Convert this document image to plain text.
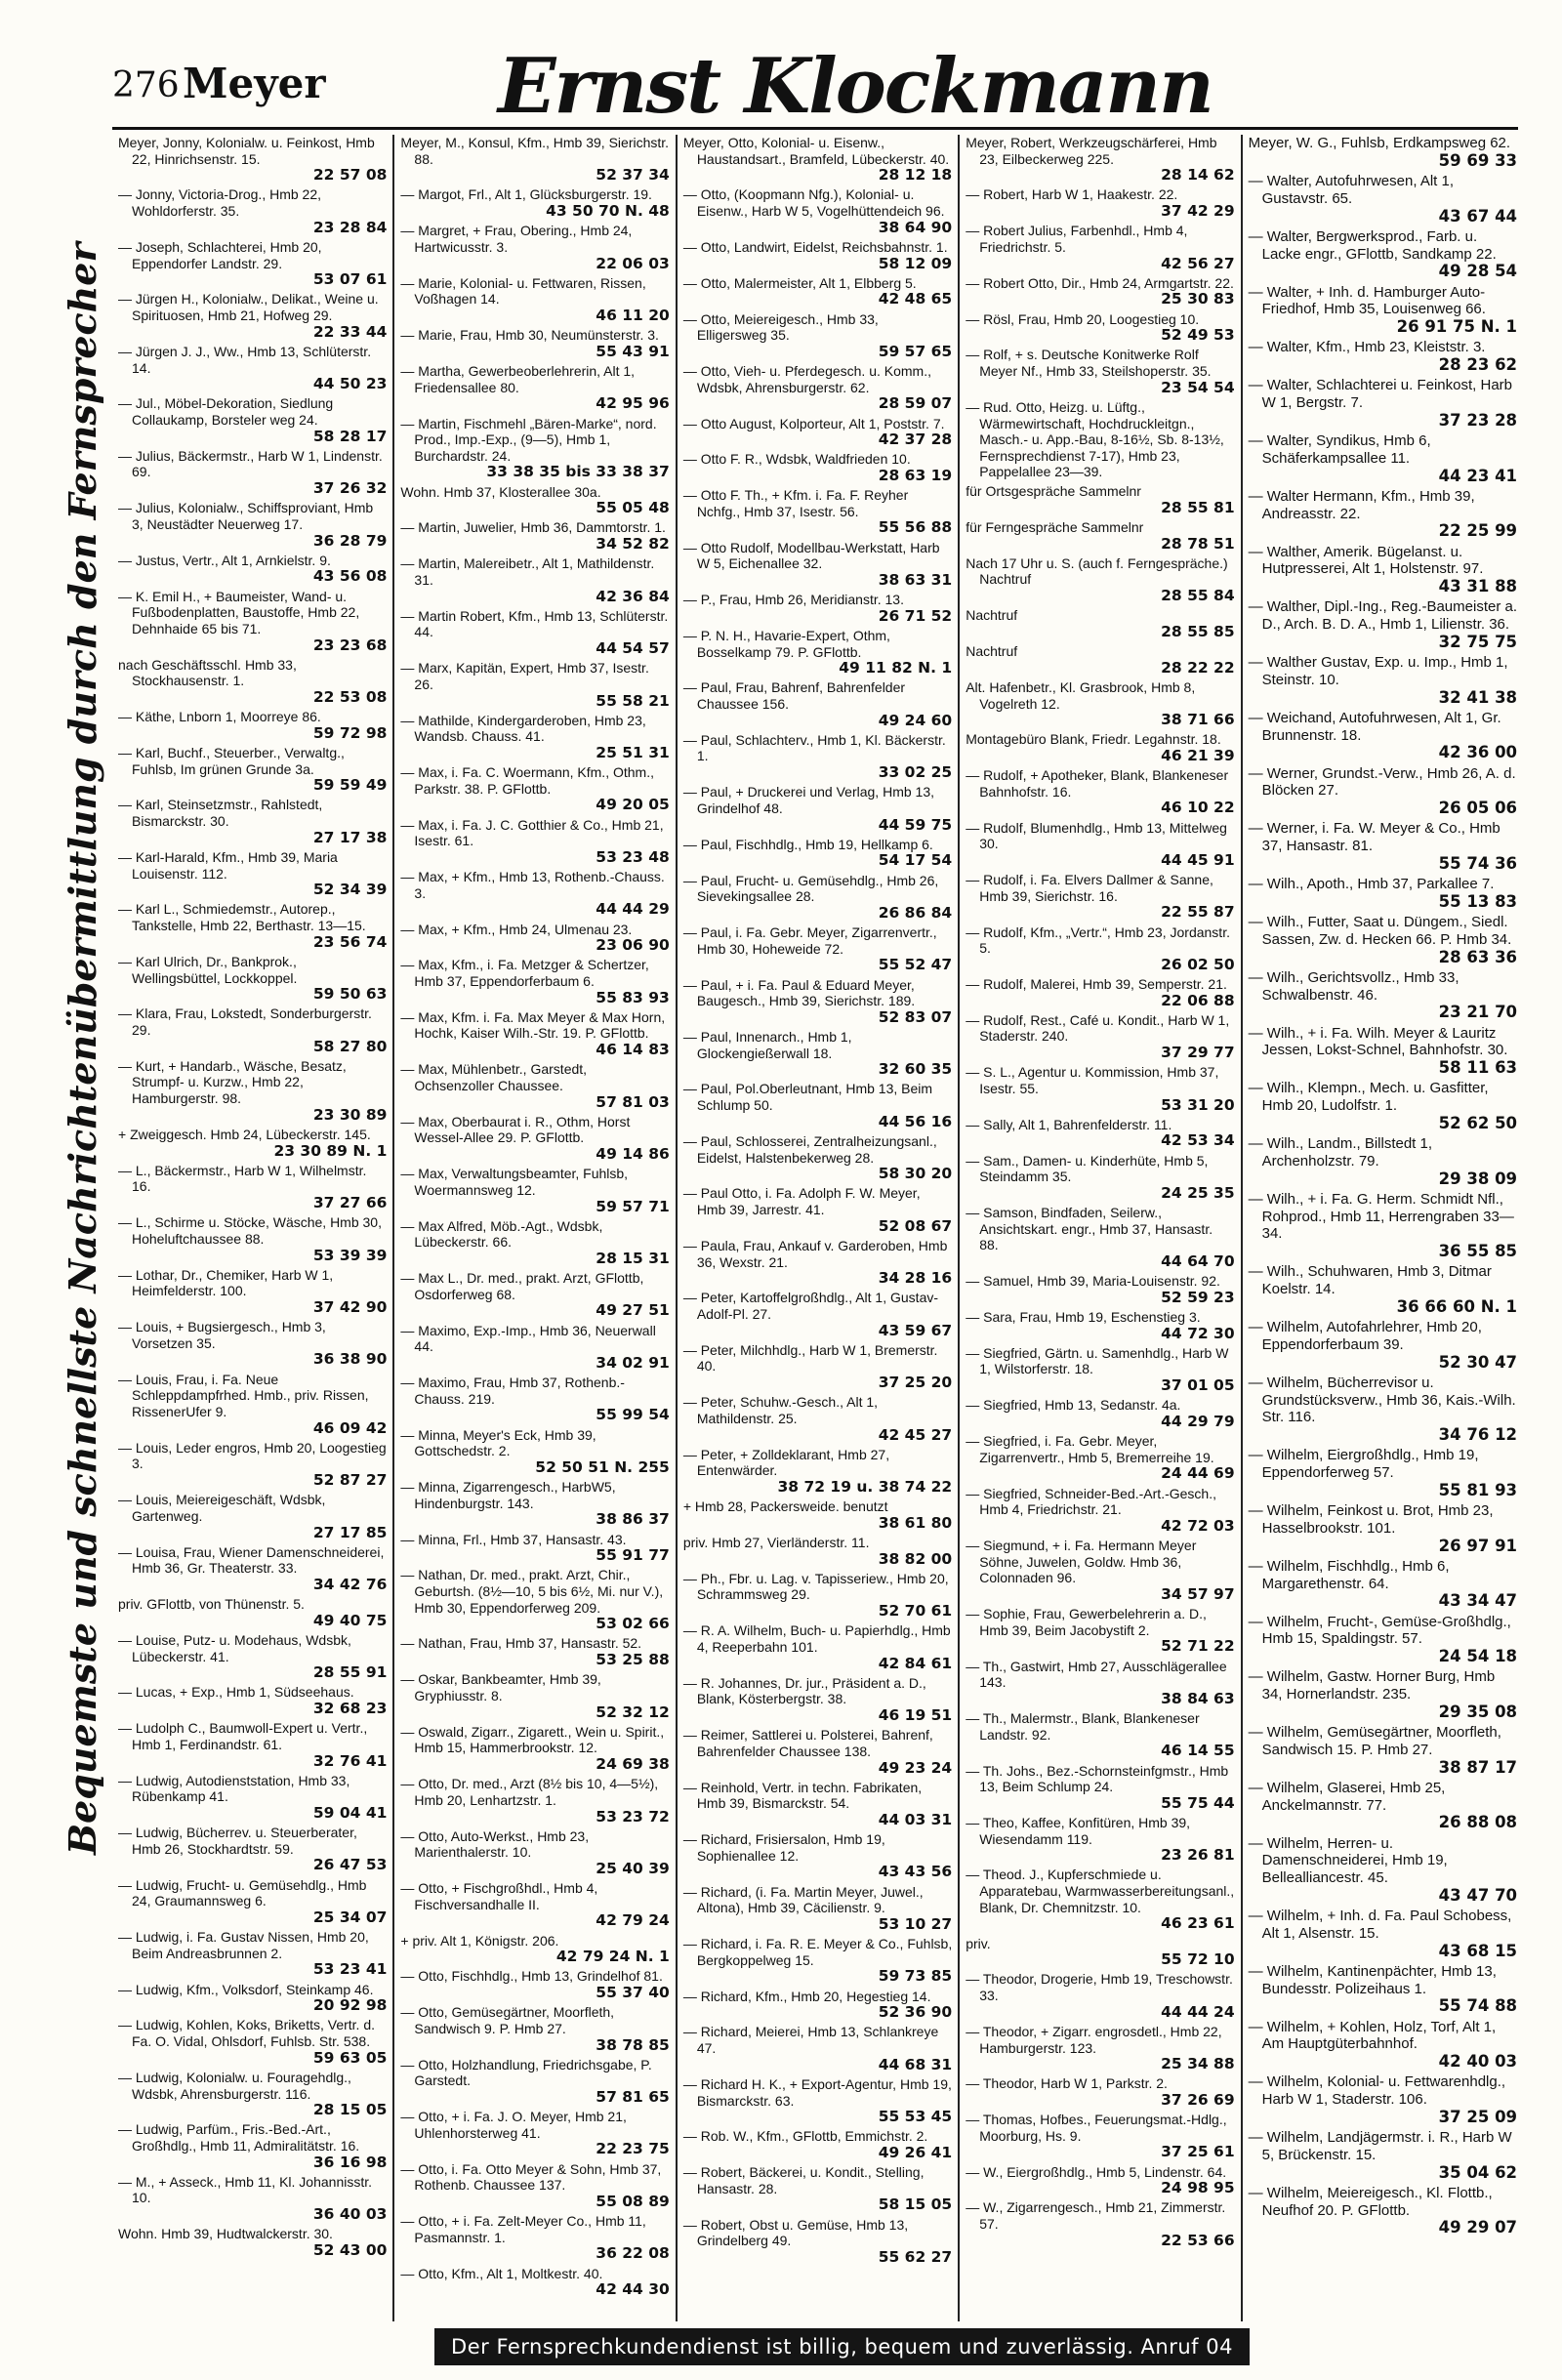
276 Meyer Ernst Klockmann
Bequemste und schnellste Nachrichtenübermittlung durch den Fernsprecher
Meyer, Jonny, Kolonialw. u. Feinkost, Hmb 22, Hinrichsenstr. 15.
22 57 08
— Jonny, Victoria-Drog., Hmb 22, Wohldorferstr. 35.
23 28 84
— Joseph, Schlachterei, Hmb 20, Eppendorfer Landstr. 29.
53 07 61
— Jürgen H., Kolonialw., Delikat., Weine u. Spirituosen, Hmb 21, Hofweg 29.
22 33 44
— Jürgen J. J., Ww., Hmb 13, Schlüterstr. 14.
44 50 23
— Jul., Möbel-Dekoration, Siedlung Collaukamp, Borsteler weg 24.
58 28 17
— Julius, Bäckermstr., Harb W 1, Lindenstr. 69.
37 26 32
— Julius, Kolonialw., Schiffsproviant, Hmb 3, Neustädter Neuerweg 17.
36 28 79
— Justus, Vertr., Alt 1, Arnkielstr. 9.
43 56 08
— K. Emil H., + Baumeister, Wand- u. Fußbodenplatten, Baustoffe, Hmb 22, Dehnhaide 65 bis 71.
23 23 68
nach Geschäftsschl. Hmb 33, Stockhausenstr. 1.
22 53 08
— Käthe, Lnborn 1, Moorreye 86.
59 72 98
— Karl, Buchf., Steuerber., Verwaltg., Fuhlsb, Im grünen Grunde 3a.
59 59 49
— Karl, Steinsetzmstr., Rahlstedt, Bismarckstr. 30.
27 17 38
— Karl-Harald, Kfm., Hmb 39, Maria Louisenstr. 112.
52 34 39
— Karl L., Schmiedemstr., Autorep., Tankstelle, Hmb 22, Berthastr. 13—15.
23 56 74
— Karl Ulrich, Dr., Bankprok., Wellingsbüttel, Lockkoppel.
59 50 63
— Klara, Frau, Lokstedt, Sonderburgerstr. 29.
58 27 80
— Kurt, + Handarb., Wäsche, Besatz, Strumpf- u. Kurzw., Hmb 22, Hamburgerstr. 98.
23 30 89
+ Zweiggesch. Hmb 24, Lübeckerstr. 145.
23 30 89 N. 1
— L., Bäckermstr., Harb W 1, Wilhelmstr. 16.
37 27 66
— L., Schirme u. Stöcke, Wäsche, Hmb 30, Hoheluftchaussee 88.
53 39 39
— Lothar, Dr., Chemiker, Harb W 1, Heimfelderstr. 100.
37 42 90
— Louis, + Bugsiergesch., Hmb 3, Vorsetzen 35.
36 38 90
— Louis, Frau, i. Fa. Neue Schleppdampfrhed. Hmb., priv. Rissen, RissenerUfer 9.
46 09 42
— Louis, Leder engros, Hmb 20, Loogestieg 3.
52 87 27
— Louis, Meiereigeschäft, Wdsbk, Gartenweg.
27 17 85
— Louisa, Frau, Wiener Damenschneiderei, Hmb 36, Gr. Theaterstr. 33.
34 42 76
priv. GFlottb, von Thünenstr. 5.
49 40 75
— Louise, Putz- u. Modehaus, Wdsbk, Lübeckerstr. 41.
28 55 91
— Lucas, + Exp., Hmb 1, Südseehaus.
32 68 23
— Ludolph C., Baumwoll-Expert u. Vertr., Hmb 1, Ferdinandstr. 61.
32 76 41
— Ludwig, Autodienststation, Hmb 33, Rübenkamp 41.
59 04 41
— Ludwig, Bücherrev. u. Steuerberater, Hmb 26, Stockhardtstr. 59.
26 47 53
— Ludwig, Frucht- u. Gemüsehdlg., Hmb 24, Graumannsweg 6.
25 34 07
— Ludwig, i. Fa. Gustav Nissen, Hmb 20, Beim Andreasbrunnen 2.
53 23 41
— Ludwig, Kfm., Volksdorf, Steinkamp 46.
20 92 98
— Ludwig, Kohlen, Koks, Briketts, Vertr. d. Fa. O. Vidal, Ohlsdorf, Fuhlsb. Str. 538.
59 63 05
— Ludwig, Kolonialw. u. Fouragehdlg., Wdsbk, Ahrensburgerstr. 116.
28 15 05
— Ludwig, Parfüm., Fris.-Bed.-Art., Großhdlg., Hmb 11, Admiralitätstr. 16.
36 16 98
— M., + Asseck., Hmb 11, Kl. Johannisstr. 10.
36 40 03
Wohn. Hmb 39, Hudtwalckerstr. 30.
52 43 00
Meyer, M., Konsul, Kfm., Hmb 39, Sierichstr. 88.
52 37 34
— Margot, Frl., Alt 1, Glücksburgerstr. 19.
43 50 70 N. 48
— Margret, + Frau, Obering., Hmb 24, Hartwicusstr. 3.
22 06 03
— Marie, Kolonial- u. Fettwaren, Rissen, Voßhagen 14.
46 11 20
— Marie, Frau, Hmb 30, Neumünsterstr. 3.
55 43 91
— Martha, Gewerbeoberlehrerin, Alt 1, Friedensallee 80.
42 95 96
— Martin, Fischmehl „Bären-Marke“, nord. Prod., Imp.-Exp., (9—5), Hmb 1, Burchardstr. 24.
33 38 35 bis 33 38 37
Wohn. Hmb 37, Klosterallee 30a.
55 05 48
— Martin, Juwelier, Hmb 36, Dammtorstr. 1.
34 52 82
— Martin, Malereibetr., Alt 1, Mathildenstr. 31.
42 36 84
— Martin Robert, Kfm., Hmb 13, Schlüterstr. 44.
44 54 57
— Marx, Kapitän, Expert, Hmb 37, Isestr. 26.
55 58 21
— Mathilde, Kindergarderoben, Hmb 23, Wandsb. Chauss. 41.
25 51 31
— Max, i. Fa. C. Woermann, Kfm., Othm., Parkstr. 38. P. GFlottb.
49 20 05
— Max, i. Fa. J. C. Gotthier & Co., Hmb 21, Isestr. 61.
53 23 48
— Max, + Kfm., Hmb 13, Rothenb.-Chauss. 3.
44 44 29
— Max, + Kfm., Hmb 24, Ulmenau 23.
23 06 90
— Max, Kfm., i. Fa. Metzger & Schertzer, Hmb 37, Eppendorferbaum 6.
55 83 93
— Max, Kfm. i. Fa. Max Meyer & Max Horn, Hochk, Kaiser Wilh.-Str. 19. P. GFlottb.
46 14 83
— Max, Mühlenbetr., Garstedt, Ochsenzoller Chaussee.
57 81 03
— Max, Oberbaurat i. R., Othm, Horst Wessel-Allee 29. P. GFlottb.
49 14 86
— Max, Verwaltungsbeamter, Fuhlsb, Woermannsweg 12.
59 57 71
— Max Alfred, Möb.-Agt., Wdsbk, Lübeckerstr. 66.
28 15 31
— Max L., Dr. med., prakt. Arzt, GFlottb, Osdorferweg 68.
49 27 51
— Maximo, Exp.-Imp., Hmb 36, Neuerwall 44.
34 02 91
— Maximo, Frau, Hmb 37, Rothenb.-Chauss. 219.
55 99 54
— Minna, Meyer's Eck, Hmb 39, Gottschedstr. 2.
52 50 51 N. 255
— Minna, Zigarrengesch., HarbW5, Hindenburgstr. 143.
38 86 37
— Minna, Frl., Hmb 37, Hansastr. 43.
55 91 77
— Nathan, Dr. med., prakt. Arzt, Chir., Geburtsh. (8½—10, 5 bis 6½, Mi. nur V.), Hmb 30, Eppendorferweg 209.
53 02 66
— Nathan, Frau, Hmb 37, Hansastr. 52.
53 25 88
— Oskar, Bankbeamter, Hmb 39, Gryphiusstr. 8.
52 32 12
— Oswald, Zigarr., Zigarett., Wein u. Spirit., Hmb 15, Hammerbrookstr. 12.
24 69 38
— Otto, Dr. med., Arzt (8½ bis 10, 4—5½), Hmb 20, Lenhartzstr. 1.
53 23 72
— Otto, Auto-Werkst., Hmb 23, Marienthalerstr. 10.
25 40 39
— Otto, + Fischgroßhdl., Hmb 4, Fischversandhalle II.
42 79 24
+ priv. Alt 1, Königstr. 206.
42 79 24 N. 1
— Otto, Fischhdlg., Hmb 13, Grindelhof 81.
55 37 40
— Otto, Gemüsegärtner, Moorfleth, Sandwisch 9. P. Hmb 27.
38 78 85
— Otto, Holzhandlung, Friedrichsgabe, P. Garstedt.
57 81 65
— Otto, + i. Fa. J. O. Meyer, Hmb 21, Uhlenhorsterweg 41.
22 23 75
— Otto, i. Fa. Otto Meyer & Sohn, Hmb 37, Rothenb. Chaussee 137.
55 08 89
— Otto, + i. Fa. Zelt-Meyer Co., Hmb 11, Pasmannstr. 1.
36 22 08
— Otto, Kfm., Alt 1, Moltkestr. 40.
42 44 30
Meyer, Otto, Kolonial- u. Eisenw., Haustandsart., Bramfeld, Lübeckerstr. 40.
28 12 18
— Otto, (Koopmann Nfg.), Kolonial- u. Eisenw., Harb W 5, Vogelhüttendeich 96.
38 64 90
— Otto, Landwirt, Eidelst, Reichsbahnstr. 1.
58 12 09
— Otto, Malermeister, Alt 1, Elbberg 5.
42 48 65
— Otto, Meiereigesch., Hmb 33, Elligersweg 35.
59 57 65
— Otto, Vieh- u. Pferdegesch. u. Komm., Wdsbk, Ahrensburgerstr. 62.
28 59 07
— Otto August, Kolporteur, Alt 1, Poststr. 7.
42 37 28
— Otto F. R., Wdsbk, Waldfrieden 10.
28 63 19
— Otto F. Th., + Kfm. i. Fa. F. Reyher Nchfg., Hmb 37, Isestr. 56.
55 56 88
— Otto Rudolf, Modellbau-Werkstatt, Harb W 5, Eichenallee 32.
38 63 31
— P., Frau, Hmb 26, Meridianstr. 13.
26 71 52
— P. N. H., Havarie-Expert, Othm, Bosselkamp 79. P. GFlottb.
49 11 82 N. 1
— Paul, Frau, Bahrenf, Bahrenfelder Chaussee 156.
49 24 60
— Paul, Schlachterv., Hmb 1, Kl. Bäckerstr. 1.
33 02 25
— Paul, + Druckerei und Verlag, Hmb 13, Grindelhof 48.
44 59 75
— Paul, Fischhdlg., Hmb 19, Hellkamp 6.
54 17 54
— Paul, Frucht- u. Gemüsehdlg., Hmb 26, Sievekingsallee 28.
26 86 84
— Paul, i. Fa. Gebr. Meyer, Zigarrenvertr., Hmb 30, Hoheweide 72.
55 52 47
— Paul, + i. Fa. Paul & Eduard Meyer, Baugesch., Hmb 39, Sierichstr. 189.
52 83 07
— Paul, Innenarch., Hmb 1, Glockengießerwall 18.
32 60 35
— Paul, Pol.Oberleutnant, Hmb 13, Beim Schlump 50.
44 56 16
— Paul, Schlosserei, Zentralheizungsanl., Eidelst, Halstenbekerweg 28.
58 30 20
— Paul Otto, i. Fa. Adolph F. W. Meyer, Hmb 39, Jarrestr. 41.
52 08 67
— Paula, Frau, Ankauf v. Garderoben, Hmb 36, Wexstr. 21.
34 28 16
— Peter, Kartoffelgroßhdlg., Alt 1, Gustav-Adolf-Pl. 27.
43 59 67
— Peter, Milchhdlg., Harb W 1, Bremerstr. 40.
37 25 20
— Peter, Schuhw.-Gesch., Alt 1, Mathildenstr. 25.
42 45 27
— Peter, + Zolldeklarant, Hmb 27, Entenwärder.
38 72 19 u. 38 74 22
+ Hmb 28, Packersweide. benutzt
38 61 80
priv. Hmb 27, Vierländerstr. 11.
38 82 00
— Ph., Fbr. u. Lag. v. Tapisseriew., Hmb 20, Schrammsweg 29.
52 70 61
— R. A. Wilhelm, Buch- u. Papierhdlg., Hmb 4, Reeperbahn 101.
42 84 61
— R. Johannes, Dr. jur., Präsident a. D., Blank, Kösterbergstr. 38.
46 19 51
— Reimer, Sattlerei u. Polsterei, Bahrenf, Bahrenfelder Chaussee 138.
49 23 24
— Reinhold, Vertr. in techn. Fabrikaten, Hmb 39, Bismarckstr. 54.
44 03 31
— Richard, Frisiersalon, Hmb 19, Sophienallee 12.
43 43 56
— Richard, (i. Fa. Martin Meyer, Juwel., Altona), Hmb 39, Cäcilienstr. 9.
53 10 27
— Richard, i. Fa. R. E. Meyer & Co., Fuhlsb, Bergkoppelweg 15.
59 73 85
— Richard, Kfm., Hmb 20, Hegestieg 14.
52 36 90
— Richard, Meierei, Hmb 13, Schlankreye 47.
44 68 31
— Richard H. K., + Export-Agentur, Hmb 19, Bismarckstr. 63.
55 53 45
— Rob. W., Kfm., GFlottb, Emmichstr. 2.
49 26 41
— Robert, Bäckerei, u. Kondit., Stelling, Hansastr. 28.
58 15 05
— Robert, Obst u. Gemüse, Hmb 13, Grindelberg 49.
55 62 27
Meyer, Robert, Werkzeugschärferei, Hmb 23, Eilbeckerweg 225.
28 14 62
— Robert, Harb W 1, Haakestr. 22.
37 42 29
— Robert Julius, Farbenhdl., Hmb 4, Friedrichstr. 5.
42 56 27
— Robert Otto, Dir., Hmb 24, Armgartstr. 22.
25 30 83
— Rösl, Frau, Hmb 20, Loogestieg 10.
52 49 53
— Rolf, + s. Deutsche Konitwerke Rolf Meyer Nf., Hmb 33, Steilshoperstr. 35.
23 54 54
— Rud. Otto, Heizg. u. Lüftg., Wärmewirtschaft, Hochdruckleitgn., Masch.- u. App.-Bau, 8-16½, Sb. 8-13½, Fernsprechdienst 7-17), Hmb 23, Pappelallee 23—39.
für Ortsgespräche Sammelnr
28 55 81
für Ferngespräche Sammelnr
28 78 51
Nach 17 Uhr u. S. (auch f. Ferngespräche.) Nachtruf
28 55 84
Nachtruf
28 55 85
Nachtruf
28 22 22
Alt. Hafenbetr., Kl. Grasbrook, Hmb 8, Vogelreth 12.
38 71 66
Montagebüro Blank, Friedr. Legahnstr. 18.
46 21 39
— Rudolf, + Apotheker, Blank, Blankeneser Bahnhofstr. 16.
46 10 22
— Rudolf, Blumenhdlg., Hmb 13, Mittelweg 30.
44 45 91
— Rudolf, i. Fa. Elvers Dallmer & Sanne, Hmb 39, Sierichstr. 16.
22 55 87
— Rudolf, Kfm., „Vertr.“, Hmb 23, Jordanstr. 5.
26 02 50
— Rudolf, Malerei, Hmb 39, Semperstr. 21.
22 06 88
— Rudolf, Rest., Café u. Kondit., Harb W 1, Staderstr. 240.
37 29 77
— S. L., Agentur u. Kommission, Hmb 37, Isestr. 55.
53 31 20
— Sally, Alt 1, Bahrenfelderstr. 11.
42 53 34
— Sam., Damen- u. Kinderhüte, Hmb 5, Steindamm 35.
24 25 35
— Samson, Bindfaden, Seilerw., Ansichtskart. engr., Hmb 37, Hansastr. 88.
44 64 70
— Samuel, Hmb 39, Maria-Louisenstr. 92.
52 59 23
— Sara, Frau, Hmb 19, Eschenstieg 3.
44 72 30
— Siegfried, Gärtn. u. Samenhdlg., Harb W 1, Wilstorferstr. 18.
37 01 05
— Siegfried, Hmb 13, Sedanstr. 4a.
44 29 79
— Siegfried, i. Fa. Gebr. Meyer, Zigarrenvertr., Hmb 5, Bremerreihe 19.
24 44 69
— Siegfried, Schneider-Bed.-Art.-Gesch., Hmb 4, Friedrichstr. 21.
42 72 03
— Siegmund, + i. Fa. Hermann Meyer Söhne, Juwelen, Goldw. Hmb 36, Colonnaden 96.
34 57 97
— Sophie, Frau, Gewerbelehrerin a. D., Hmb 39, Beim Jacobystift 2.
52 71 22
— Th., Gastwirt, Hmb 27, Ausschlägerallee 143.
38 84 63
— Th., Malermstr., Blank, Blankeneser Landstr. 92.
46 14 55
— Th. Johs., Bez.-Schornsteinfgmstr., Hmb 13, Beim Schlump 24.
55 75 44
— Theo, Kaffee, Konfitüren, Hmb 39, Wiesendamm 119.
23 26 81
— Theod. J., Kupferschmiede u. Apparatebau, Warmwasserbereitungsanl., Blank, Dr. Chemnitzstr. 10.
46 23 61
priv.
55 72 10
— Theodor, Drogerie, Hmb 19, Treschowstr. 33.
44 44 24
— Theodor, + Zigarr. engrosdetl., Hmb 22, Hamburgerstr. 123.
25 34 88
— Theodor, Harb W 1, Parkstr. 2.
37 26 69
— Thomas, Hofbes., Feuerungsmat.-Hdlg., Moorburg, Hs. 9.
37 25 61
— W., Eiergroßhdlg., Hmb 5, Lindenstr. 64.
24 98 95
— W., Zigarrengesch., Hmb 21, Zimmerstr. 57.
22 53 66
Meyer, W. G., Fuhlsb, Erdkampsweg 62.
59 69 33
— Walter, Autofuhrwesen, Alt 1, Gustavstr. 65.
43 67 44
— Walter, Bergwerksprod., Farb. u. Lacke engr., GFlottb, Sandkamp 22.
49 28 54
— Walter, + Inh. d. Hamburger Auto-Friedhof, Hmb 35, Louisenweg 66.
26 91 75 N. 1
— Walter, Kfm., Hmb 23, Kleiststr. 3.
28 23 62
— Walter, Schlachterei u. Feinkost, Harb W 1, Bergstr. 7.
37 23 28
— Walter, Syndikus, Hmb 6, Schäferkampsallee 11.
44 23 41
— Walter Hermann, Kfm., Hmb 39, Andreasstr. 22.
22 25 99
— Walther, Amerik. Bügelanst. u. Hutpresserei, Alt 1, Holstenstr. 97.
43 31 88
— Walther, Dipl.-Ing., Reg.-Baumeister a. D., Arch. B. D. A., Hmb 1, Lilienstr. 36.
32 75 75
— Walther Gustav, Exp. u. Imp., Hmb 1, Steinstr. 10.
32 41 38
— Weichand, Autofuhrwesen, Alt 1, Gr. Brunnenstr. 18.
42 36 00
— Werner, Grundst.-Verw., Hmb 26, A. d. Blöcken 27.
26 05 06
— Werner, i. Fa. W. Meyer & Co., Hmb 37, Hansastr. 81.
55 74 36
— Wilh., Apoth., Hmb 37, Parkallee 7.
55 13 83
— Wilh., Futter, Saat u. Düngem., Siedl. Sassen, Zw. d. Hecken 66. P. Hmb 34.
28 63 36
— Wilh., Gerichtsvollz., Hmb 33, Schwalbenstr. 46.
23 21 70
— Wilh., + i. Fa. Wilh. Meyer & Lauritz Jessen, Lokst-Schnel, Bahnhofstr. 30.
58 11 63
— Wilh., Klempn., Mech. u. Gasfitter, Hmb 20, Ludolfstr. 1.
52 62 50
— Wilh., Landm., Billstedt 1, Archenholzstr. 79.
29 38 09
— Wilh., + i. Fa. G. Herm. Schmidt Nfl., Rohprod., Hmb 11, Herrengraben 33—34.
36 55 85
— Wilh., Schuhwaren, Hmb 3, Ditmar Koelstr. 14.
36 66 60 N. 1
— Wilhelm, Autofahrlehrer, Hmb 20, Eppendorferbaum 39.
52 30 47
— Wilhelm, Bücherrevisor u. Grundstücksverw., Hmb 36, Kais.-Wilh. Str. 116.
34 76 12
— Wilhelm, Eiergroßhdlg., Hmb 19, Eppendorferweg 57.
55 81 93
— Wilhelm, Feinkost u. Brot, Hmb 23, Hasselbrookstr. 101.
26 97 91
— Wilhelm, Fischhdlg., Hmb 6, Margarethenstr. 64.
43 34 47
— Wilhelm, Frucht-, Gemüse-Großhdlg., Hmb 15, Spaldingstr. 57.
24 54 18
— Wilhelm, Gastw. Horner Burg, Hmb 34, Hornerlandstr. 235.
29 35 08
— Wilhelm, Gemüsegärtner, Moorfleth, Sandwisch 15. P. Hmb 27.
38 87 17
— Wilhelm, Glaserei, Hmb 25, Anckelmannstr. 77.
26 88 08
— Wilhelm, Herren- u. Damenschneiderei, Hmb 19, Bellealliancestr. 45.
43 47 70
— Wilhelm, + Inh. d. Fa. Paul Schobess, Alt 1, Alsenstr. 15.
43 68 15
— Wilhelm, Kantinenpächter, Hmb 13, Bundesstr. Polizeihaus 1.
55 74 88
— Wilhelm, + Kohlen, Holz, Torf, Alt 1, Am Hauptgüterbahnhof.
42 40 03
— Wilhelm, Kolonial- u. Fettwarenhdlg., Harb W 1, Staderstr. 106.
37 25 09
— Wilhelm, Landjägermstr. i. R., Harb W 5, Brückenstr. 15.
35 04 62
— Wilhelm, Meiereigesch., Kl. Flottb., Neufhof 20. P. GFlottb.
49 29 07
Der Fernsprechkundendienst ist billig, bequem und zuverlässig. Anruf 04
